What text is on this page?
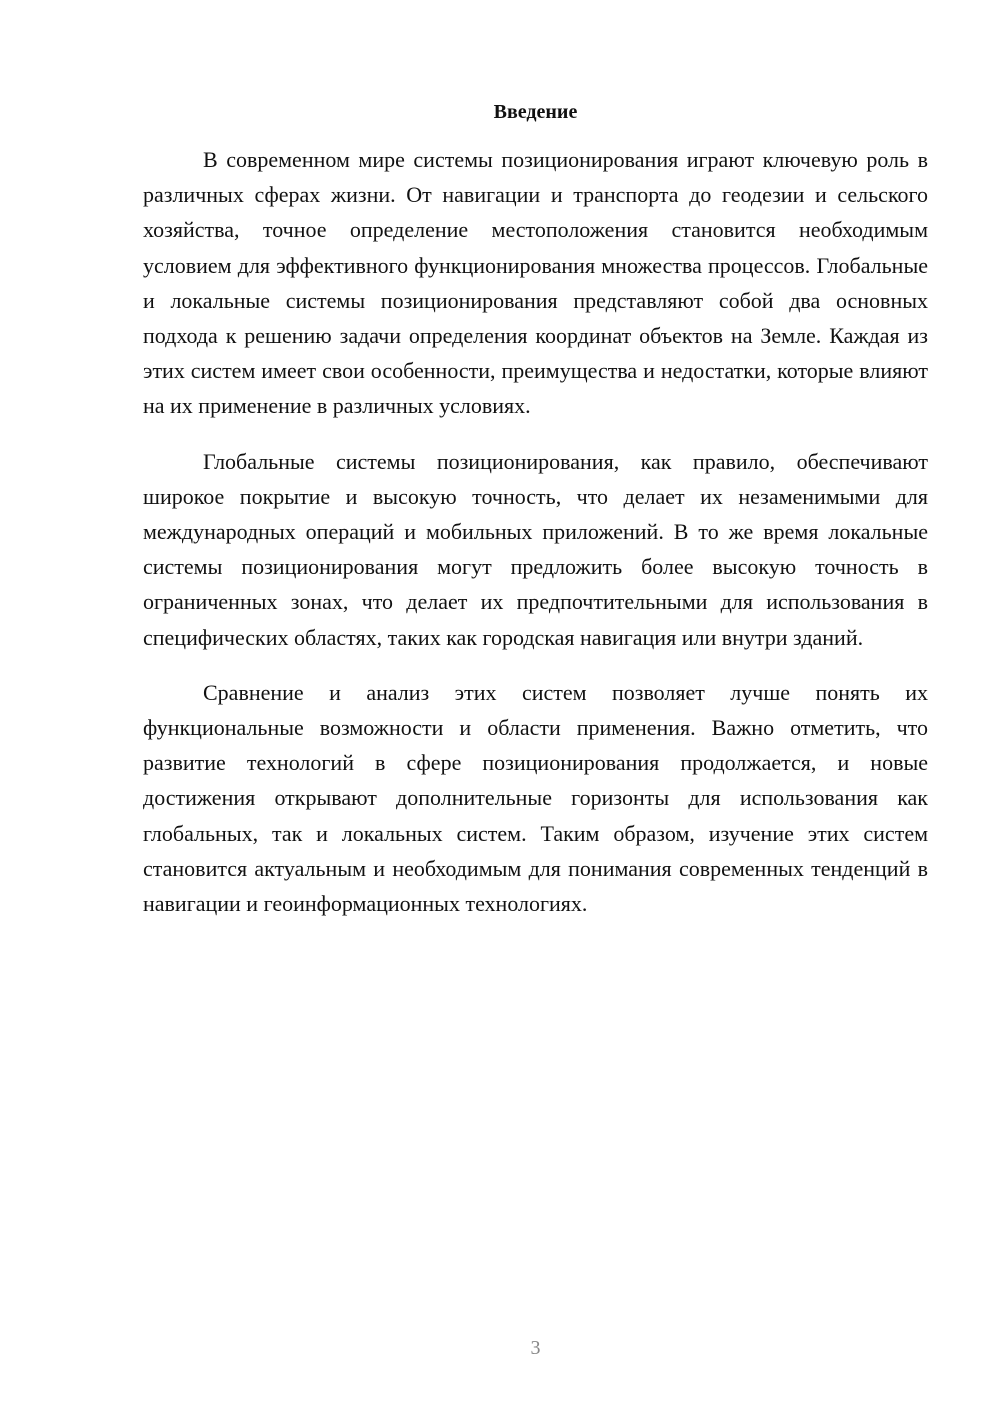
Введение

В современном мире системы позиционирования играют ключевую роль в различных сферах жизни. От навигации и транспорта до геодезии и сельского хозяйства, точное определение местоположения становится необходимым условием для эффективного функционирования множества процессов. Глобальные и локальные системы позиционирования представляют собой два основных подхода к решению задачи определения координат объектов на Земле. Каждая из этих систем имеет свои особенности, преимущества и недостатки, которые влияют на их применение в различных условиях.

Глобальные системы позиционирования, как правило, обеспечивают широкое покрытие и высокую точность, что делает их незаменимыми для международных операций и мобильных приложений. В то же время локальные системы позиционирования могут предложить более высокую точность в ограниченных зонах, что делает их предпочтительными для использования в специфических областях, таких как городская навигация или внутри зданий.

Сравнение и анализ этих систем позволяет лучше понять их функциональные возможности и области применения. Важно отметить, что развитие технологий в сфере позиционирования продолжается, и новые достижения открывают дополнительные горизонты для использования как глобальных, так и локальных систем. Таким образом, изучение этих систем становится актуальным и необходимым для понимания современных тенденций в навигации и геоинформационных технологиях.

3
